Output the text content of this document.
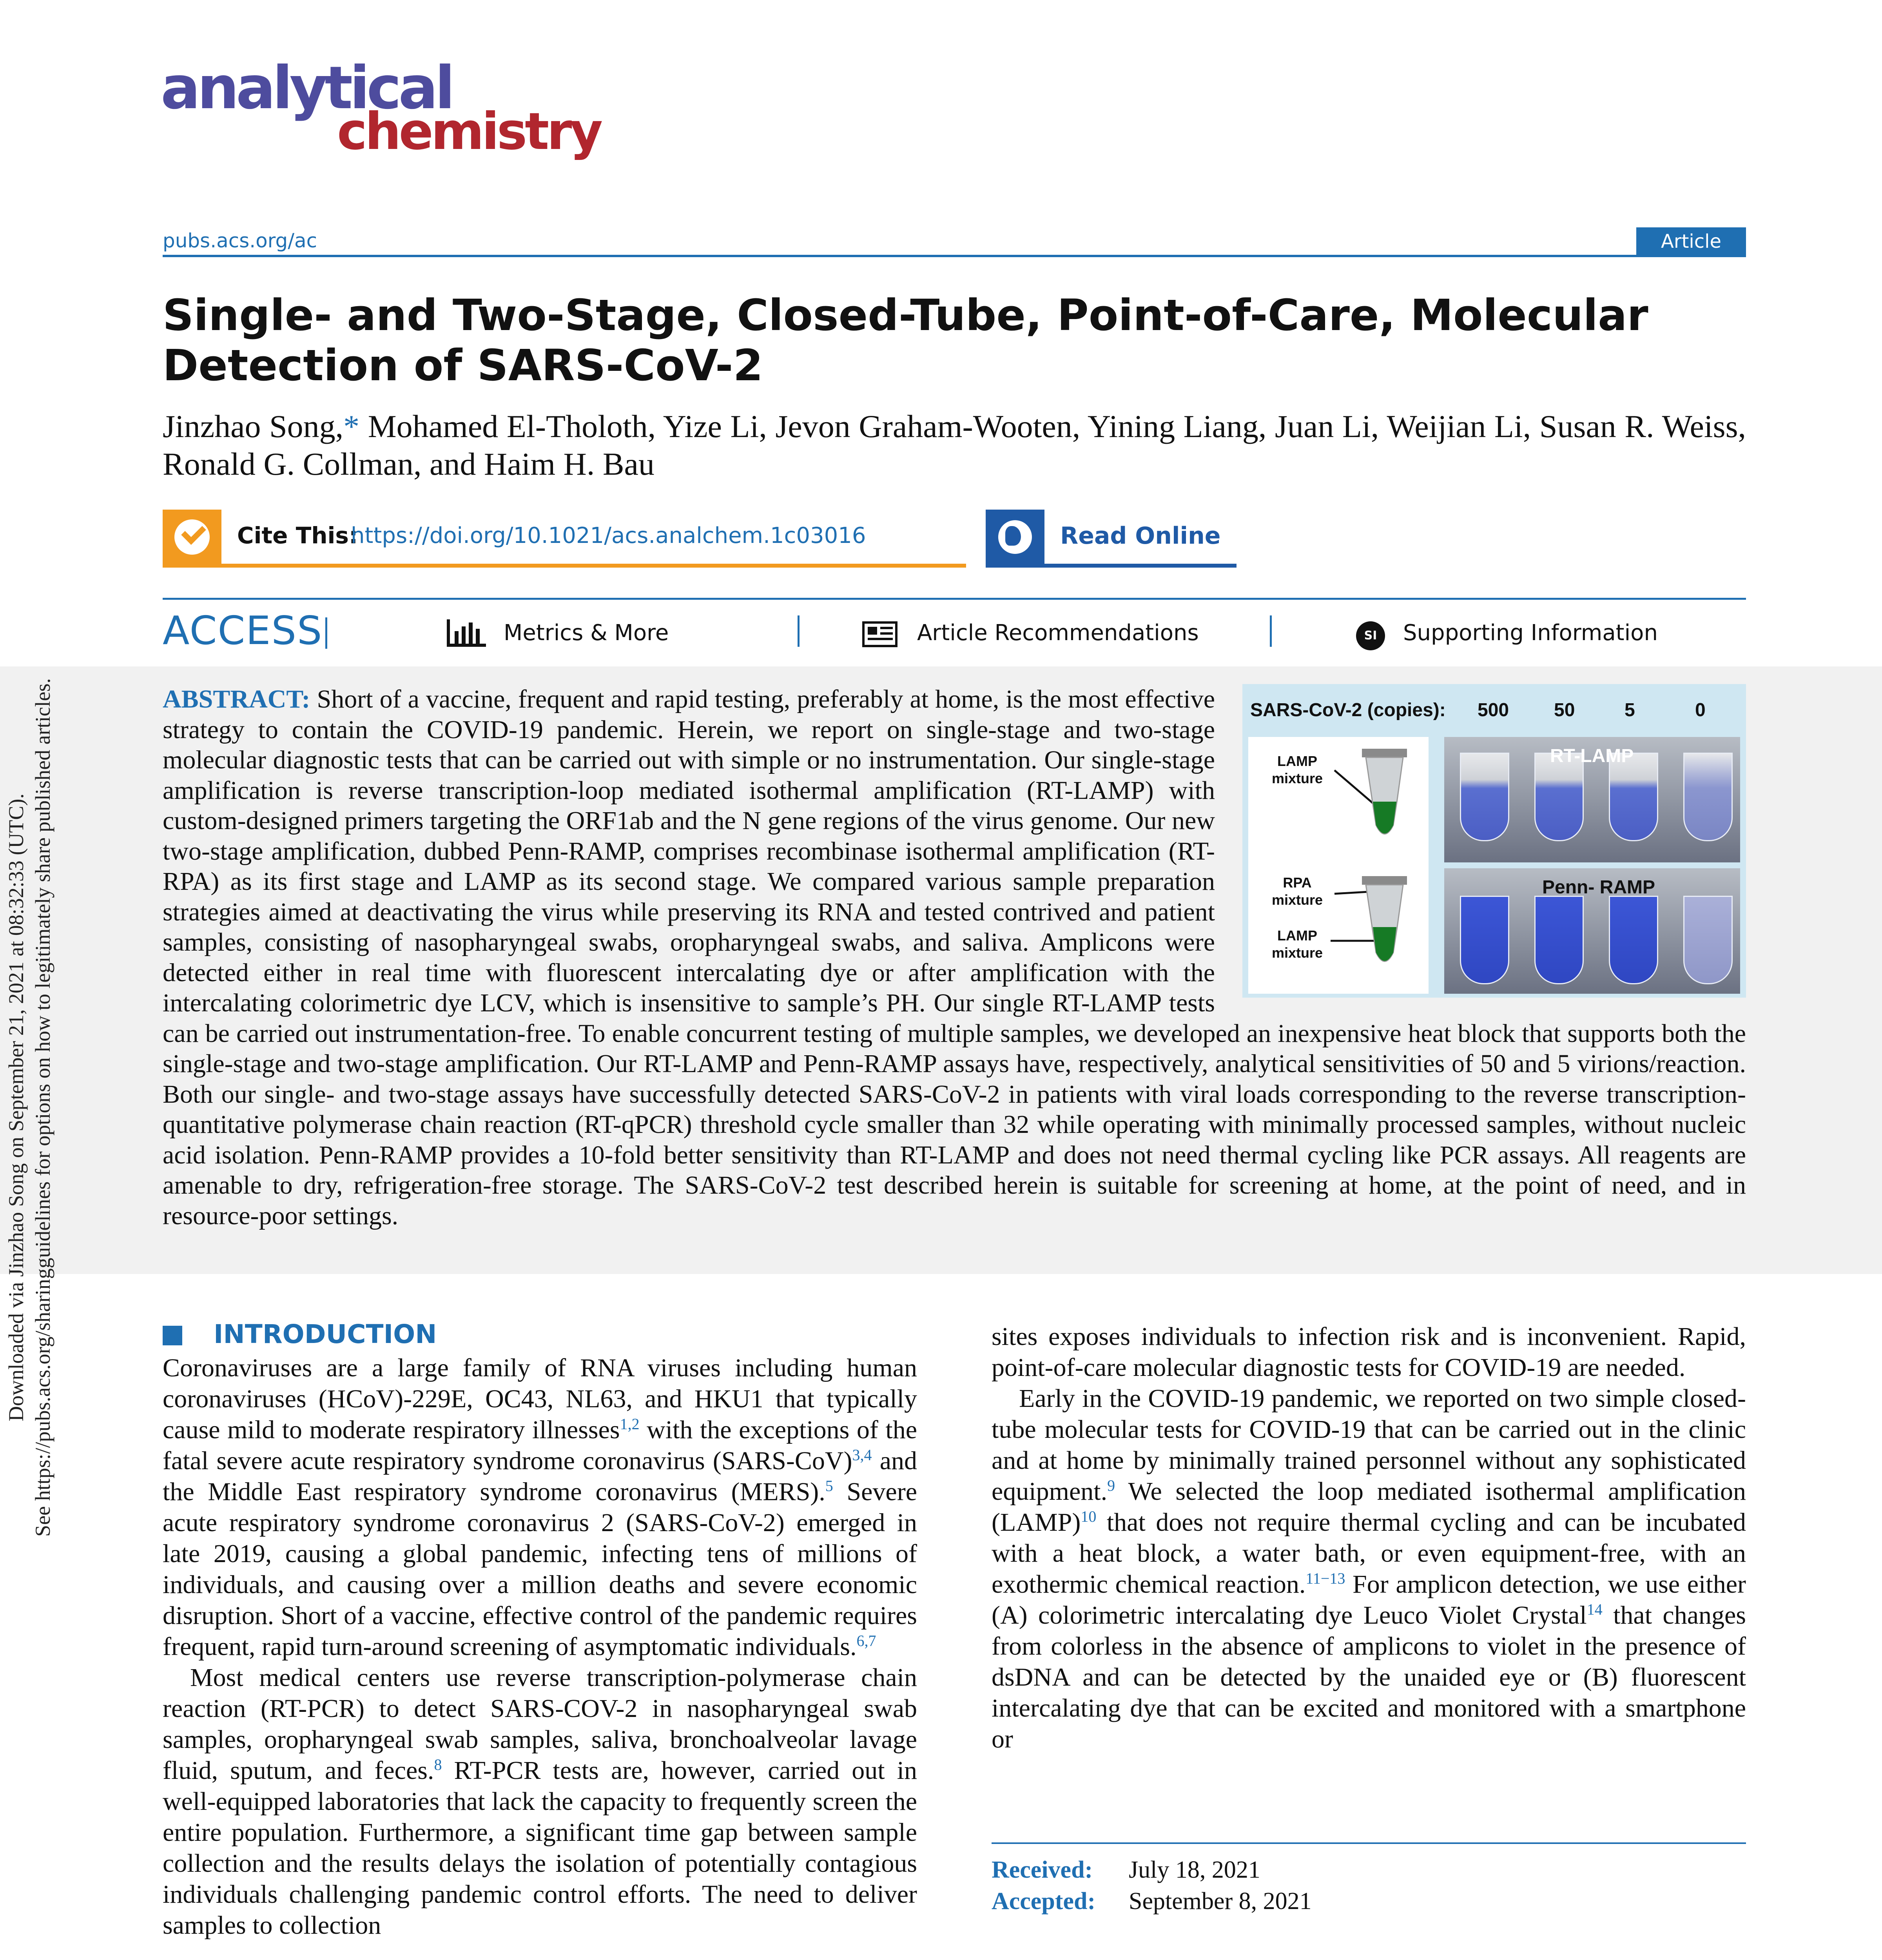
analytical
chemistry
pubs.acs.org/ac	Article
Single- and Two-Stage, Closed-Tube, Point-of-Care, Molecular Detection of SARS-CoV-2
Jinzhao Song,* Mohamed El-Tholoth, Yize Li, Jevon Graham-Wooten, Yining Liang, Juan Li, Weijian Li, Susan R. Weiss, Ronald G. Collman, and Haim H. Bau
Cite This:
https://doi.org/10.1021/acs.analchem.1c03016	Read Online
ACCESS	Metrics & More	Article Recommendations	SI	Supporting Information
SARS-CoV-2 (copies): 500 50	5	0
LAMP
mixture
RPA
mixture
LAMP
mixture
RT-LAMP
Penn- RAMP
ABSTRACT: Short of a vaccine, frequent and rapid testing, preferably at home, is the most effective strategy to contain the COVID-19 pandemic. Herein, we report on single-stage and two-stage molecular diagnostic tests that can be carried out with simple or no instrumentation. Our single-stage amplification is reverse transcription-loop mediated isothermal amplification (RT-LAMP) with custom-designed primers targeting the ORF1ab and the N gene regions of the virus genome. Our new two-stage amplification, dubbed Penn-RAMP, comprises recombinase isothermal amplification (RT-RPA) as its first stage and LAMP as its second stage. We compared various sample preparation strategies aimed at deactivating the virus while preserving its RNA and tested contrived and patient samples, consisting of nasopharyngeal swabs, oropharyngeal swabs, and saliva. Amplicons were detected either in real time with fluorescent intercalating dye or after amplification with the intercalating colorimetric dye LCV, which is insensitive to sample’s PH. Our single RT-LAMP tests can be carried out instrumentation-free. To enable concurrent testing of multiple samples, we developed an inexpensive heat block that supports both the single-stage and two-stage amplification. Our RT-LAMP and Penn-RAMP assays have, respectively, analytical sensitivities of 50 and 5 virions/reaction. Both our single- and two-stage assays have successfully detected SARS-CoV-2 in patients with viral loads corresponding to the reverse transcription-quantitative polymerase chain reaction (RT-qPCR) threshold cycle smaller than 32 while operating with minimally processed samples, without nucleic acid isolation. Penn-RAMP provides a 10-fold better sensitivity than RT-LAMP and does not need thermal cycling like PCR assays. All reagents are amenable to dry, refrigeration-free storage. The SARS-CoV-2 test described herein is suitable for screening at home, at the point of need, and in resource-poor settings.
INTRODUCTION

Coronaviruses are a large family of RNA viruses including human coronaviruses (HCoV)-229E, OC43, NL63, and HKU1 that typically cause mild to moderate respiratory illnesses$^{1,2}$ with the exceptions of the fatal severe acute respiratory syndrome coronavirus (SARS-CoV)$^{3,4}$ and the Middle East respiratory syndrome coronavirus (MERS).$^5$ Severe acute respiratory syndrome coronavirus 2 (SARS-CoV-2) emerged in late 2019, causing a global pandemic, infecting tens of millions of individuals, and causing over a million deaths and severe economic disruption. Short of a vaccine, effective control of the pandemic requires frequent, rapid turn-around screening of asymptomatic individuals.$^{6,7}$

Most medical centers use reverse transcription-polymerase chain reaction (RT-PCR) to detect SARS-COV-2 in nasopharyngeal swab samples, oropharyngeal swab samples, saliva, bronchoalveolar lavage fluid, sputum, and feces.$^8$ RT-PCR tests are, however, carried out in well-equipped laboratories that lack the capacity to frequently screen the entire population. Furthermore, a significant time gap between sample collection and the results delays the isolation of potentially contagious individuals challenging pandemic control efforts. The need to deliver samples to collection

sites exposes individuals to infection risk and is inconvenient. Rapid, point-of-care molecular diagnostic tests for COVID-19 are needed.

Early in the COVID-19 pandemic, we reported on two simple closed-tube molecular tests for COVID-19 that can be carried out in the clinic and at home by minimally trained personnel without any sophisticated equipment.$^9$ We selected the loop mediated isothermal amplification (LAMP)$^{10}$ that does not require thermal cycling and can be incubated with a heat block, a water bath, or even equipment-free, with an exothermic chemical reaction.$^{11-13}$ For amplicon detection, we use either (A) colorimetric intercalating dye Leuco Violet Crystal$^{14}$ that changes from colorless in the absence of amplicons to violet in the presence of dsDNA and can be detected by the unaided eye or (B) fluorescent intercalating dye that can be excited and monitored with a smartphone or

Received: July 18, 2021
Accepted: September 8, 2021
Downloaded via Jinzhao Song on September 21, 2021 at 08:32:33 (UTC). See https://pubs.acs.org/sharingguidelines for options on how to legitimately share published articles.
